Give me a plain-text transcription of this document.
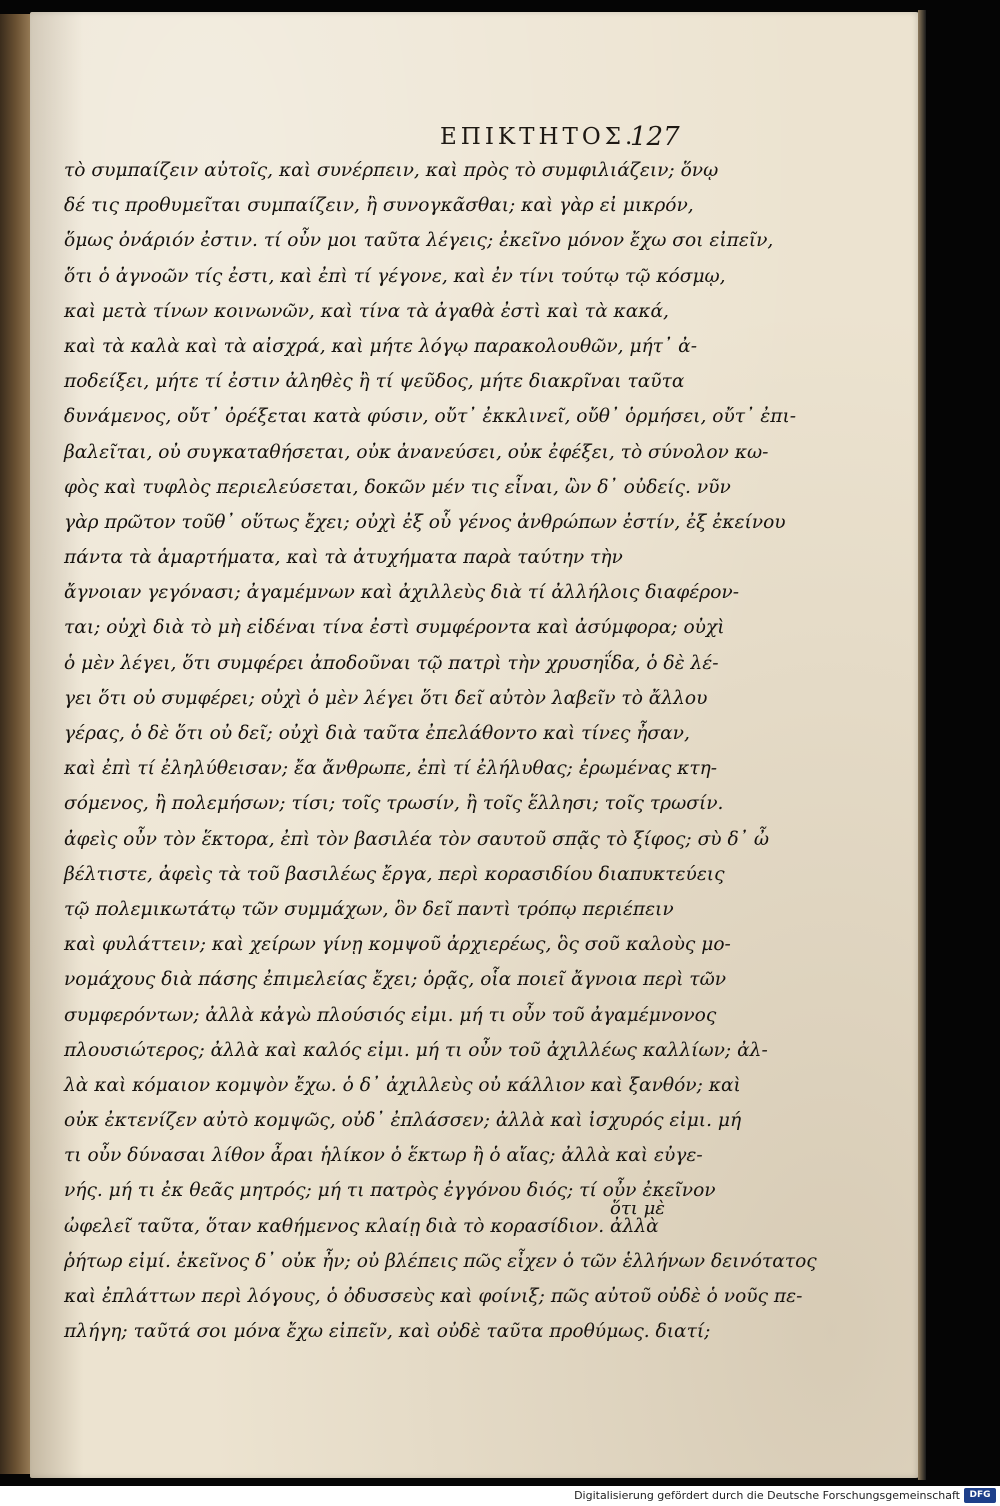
ΕΠΙΚΤΗΤΟΣ.
127
τὸ συμπαίζειν αὐτοῖς, καὶ συνέρπειν, καὶ πρὸς τὸ συμφιλιάζειν; ὅνῳ
δέ τις προθυμεῖται συμπαίζειν, ἢ συνογκᾶσθαι; καὶ γὰρ εἰ μικρόν,
ὅμως ὀνάριόν ἐστιν. τί οὖν μοι ταῦτα λέγεις; ἐκεῖνο μόνον ἔχω σοι εἰπεῖν,
ὅτι ὁ ἀγνοῶν τίς ἐστι, καὶ ἐπὶ τί γέγονε, καὶ ἐν τίνι τούτῳ τῷ κόσμῳ,
καὶ μετὰ τίνων κοινωνῶν, καὶ τίνα τὰ ἀγαθὰ ἐστὶ καὶ τὰ κακά,
καὶ τὰ καλὰ καὶ τὰ αἰσχρά, καὶ μήτε λόγῳ παρακολουθῶν, μήτ᾽ ἀ-
ποδείξει, μήτε τί ἐστιν ἀληθὲς ἢ τί ψεῦδος, μήτε διακρῖναι ταῦτα
δυνάμενος, οὔτ᾽ ὀρέξεται κατὰ φύσιν, οὔτ᾽ ἐκκλινεῖ, οὔθ᾽ ὁρμήσει, οὔτ᾽ ἐπι-
βαλεῖται, οὐ συγκαταθήσεται, οὐκ ἀνανεύσει, οὐκ ἐφέξει, τὸ σύνολον κω-
φὸς καὶ τυφλὸς περιελεύσεται, δοκῶν μέν τις εἶναι, ὢν δ᾽ οὐδείς. νῦν
γὰρ πρῶτον τοῦθ᾽ οὕτως ἔχει; οὐχὶ ἐξ οὗ γένος ἀνθρώπων ἐστίν, ἐξ ἐκείνου
πάντα τὰ ἁμαρτήματα, καὶ τὰ ἀτυχήματα παρὰ ταύτην τὴν
ἄγνοιαν γεγόνασι; ἀγαμέμνων καὶ ἀχιλλεὺς διὰ τί ἀλλήλοις διαφέρον-
ται; οὐχὶ διὰ τὸ μὴ εἰδέναι τίνα ἐστὶ συμφέροντα καὶ ἀσύμφορα; οὐχὶ
ὁ μὲν λέγει, ὅτι συμφέρει ἀποδοῦναι τῷ πατρὶ τὴν χρυσηΐδα, ὁ δὲ λέ-
γει ὅτι οὐ συμφέρει; οὐχὶ ὁ μὲν λέγει ὅτι δεῖ αὐτὸν λαβεῖν τὸ ἄλλου
γέρας, ὁ δὲ ὅτι οὐ δεῖ; οὐχὶ διὰ ταῦτα ἐπελάθοντο καὶ τίνες ἦσαν,
καὶ ἐπὶ τί ἐληλύθεισαν; ἔα ἄνθρωπε, ἐπὶ τί ἐλήλυθας; ἐρωμένας κτη-
σόμενος, ἢ πολεμήσων; τίσι; τοῖς τρωσίν, ἢ τοῖς ἕλλησι; τοῖς τρωσίν.
ἀφεὶς οὖν τὸν ἕκτορα, ἐπὶ τὸν βασιλέα τὸν σαυτοῦ σπᾷς τὸ ξίφος; σὺ δ᾽ ὦ
βέλτιστε, ἀφεὶς τὰ τοῦ βασιλέως ἔργα, περὶ κορασιδίου διαπυκτεύεις
τῷ πολεμικωτάτῳ τῶν συμμάχων, ὃν δεῖ παντὶ τρόπῳ περιέπειν
καὶ φυλάττειν; καὶ χείρων γίνῃ κομψοῦ ἀρχιερέως, ὃς σοῦ καλοὺς μο-
νομάχους διὰ πάσης ἐπιμελείας ἔχει; ὁρᾷς, οἷα ποιεῖ ἄγνοια περὶ τῶν
συμφερόντων; ἀλλὰ κἀγὼ πλούσιός εἰμι. μή τι οὖν τοῦ ἀγαμέμνονος
πλουσιώτερος; ἀλλὰ καὶ καλός εἰμι. μή τι οὖν τοῦ ἀχιλλέως καλλίων; ἀλ-
λὰ καὶ κόμαιον κομψὸν ἔχω. ὁ δ᾽ ἀχιλλεὺς οὐ κάλλιον καὶ ξανθόν; καὶ
οὐκ ἐκτενίζεν αὐτὸ κομψῶς, οὐδ᾽ ἐπλάσσεν; ἀλλὰ καὶ ἰσχυρός εἰμι. μή
τι οὖν δύνασαι λίθον ἆραι ἡλίκον ὁ ἕκτωρ ἢ ὁ αἴας; ἀλλὰ καὶ εὐγε-
νής. μή τι ἐκ θεᾶς μητρός; μή τι πατρὸς ἐγγόνου διός; τί οὖν ἐκεῖνον
ὠφελεῖ ταῦτα, ὅταν καθήμενος κλαίῃ διὰ τὸ κορασίδιον. ἀλλὰ
ῥήτωρ εἰμί. ἐκεῖνος δ᾽ οὐκ ἦν; οὐ βλέπεις πῶς εἶχεν ὁ τῶν ἑλλήνων δεινότατος
καὶ ἐπλάττων περὶ λόγους, ὁ ὀδυσσεὺς καὶ φοίνιξ; πῶς αὐτοῦ οὐδὲ ὁ νοῦς πε-
πλήγη; ταῦτά σοι μόνα ἔχω εἰπεῖν, καὶ οὐδὲ ταῦτα προθύμως. διατί;
ὅτι μὲ
Digitalisierung gefördert durch die Deutsche Forschungsgemeinschaft	DFG
